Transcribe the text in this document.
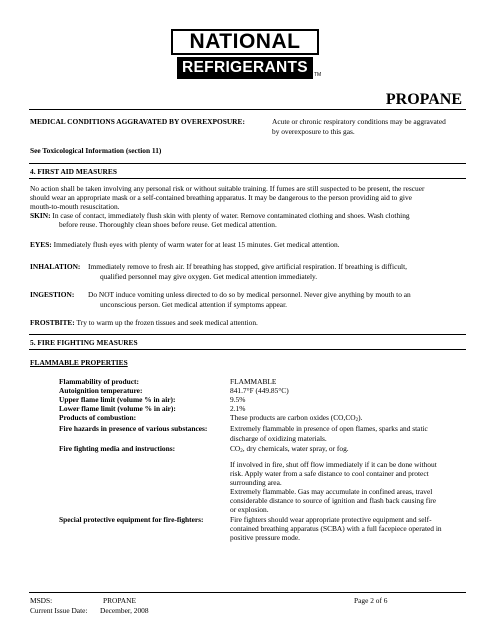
NATIONAL
REFRIGERANTS	TM
PROPANE
MEDICAL CONDITIONS AGGRAVATED BY OVEREXPOSURE:	Acute or chronic respiratory conditions may be aggravated
by overexposure to this gas.
See Toxicological Information (section 11)
4. FIRST AID MEASURES
No action shall be taken involving any personal risk or without suitable training. If fumes are still suspected to be present, the rescuer
should wear an appropriate mask or a self-contained breathing apparatus. It may be dangerous to the person providing aid to give
mouth-to-mouth resuscitation.
SKIN: In case of contact, immediately flush skin with plenty of water. Remove contaminated clothing and shoes. Wash clothing
before reuse. Thoroughly clean shoes before reuse. Get medical attention.
EYES: Immediately flush eyes with plenty of warm water for at least 15 minutes. Get medical attention.
INHALATION: Immediately remove to fresh air. If breathing has stopped, give artificial respiration. If breathing is difficult,
qualified personnel may give oxygen. Get medical attention immediately.
INGESTION: Do NOT induce vomiting unless directed to do so by medical personnel. Never give anything by mouth to an
unconscious person. Get medical attention if symptoms appear.
FROSTBITE: Try to warm up the frozen tissues and seek medical attention.
5. FIRE FIGHTING MEASURES
FLAMMABLE PROPERTIES
Flammability of product:	FLAMMABLE
Autoignition temperature:	841.7°F (449.85°C)
Upper flame limit (volume % in air):	9.5%
Lower flame limit (volume % in air):	2.1%
Products of combustion:	These products are carbon oxides $(CO,CO_2)$.
Fire hazards in presence of various substances:	Extremely flammable in presence of open flames, sparks and static
discharge of oxidizing materials.
Fire fighting media and instructions:	$CO_2$, dry chemicals, water spray, or fog.
If involved in fire, shut off flow immediately if it can be done without
risk. Apply water from a safe distance to cool container and protect
surrounding area.
Extremely flammable. Gas may accumulate in confined areas, travel
considerable distance to source of ignition and flash back causing fire
or explosion.
Special protective equipment for fire-fighters:	Fire fighters should wear appropriate protective equipment and self-
contained breathing apparatus (SCBA) with a full facepiece operated in
positive pressure mode.
MSDS:	PROPANE	Page 2 of 6
Current Issue Date: December, 2008
